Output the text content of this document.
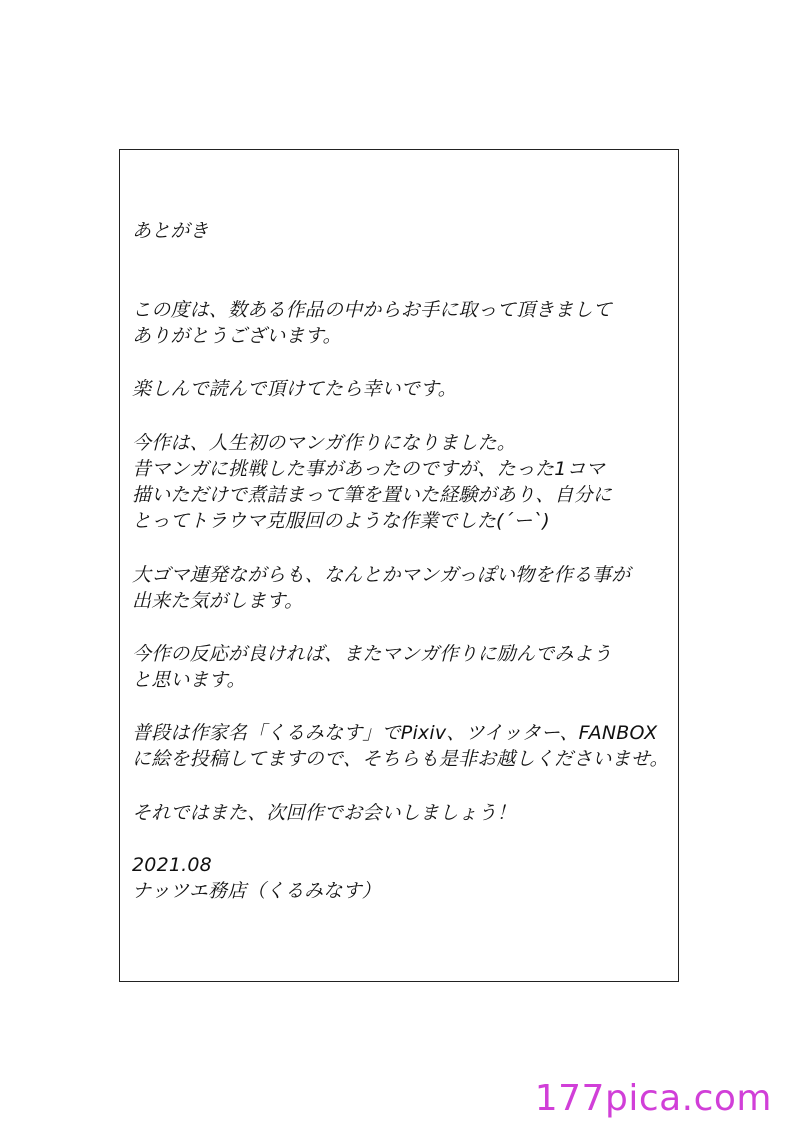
あとがき
この度は、数ある作品の中からお手に取って頂きまして
ありがとうございます。
楽しんで読んで頂けてたら幸いです。
今作は、人生初のマンガ作りになりました。
昔マンガに挑戦した事があったのですが、たった1コマ
描いただけで煮詰まって筆を置いた経験があり、自分に
とってトラウマ克服回のような作業でした(´ー`)
大ゴマ連発ながらも、なんとかマンガっぽい物を作る事が
出来た気がします。
今作の反応が良ければ、またマンガ作りに励んでみよう
と思います。
普段は作家名「くるみなす」でPixiv、ツイッター、FANBOX
に絵を投稿してますので、そちらも是非お越しくださいませ。
それではまた、次回作でお会いしましょう！
2021.08
ナッツエ務店（くるみなす）
177pica.com
